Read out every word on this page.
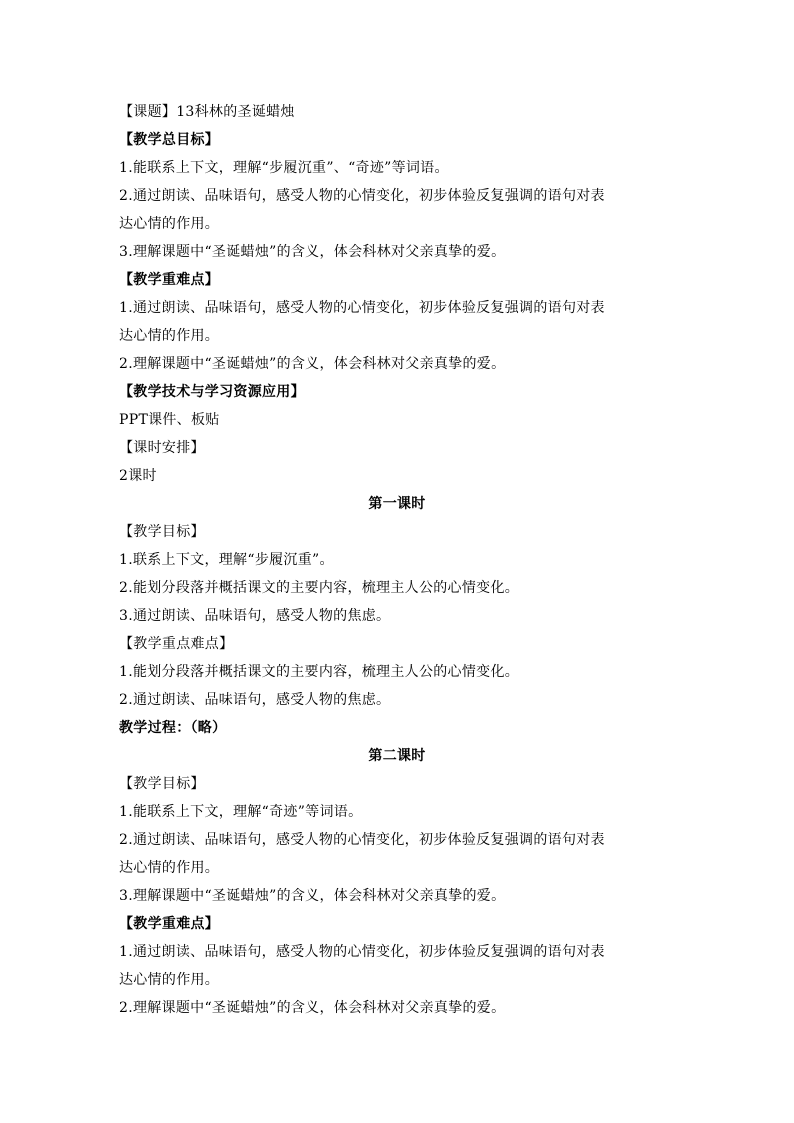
【课题】13科林的圣诞蜡烛
【教学总目标】
1.能联系上下文，理解“步履沉重”、“奇迹”等词语。
2.通过朗读、品味语句，感受人物的心情变化，初步体验反复强调的语句对表
达心情的作用。
3.理解课题中“圣诞蜡烛”的含义，体会科林对父亲真挚的爱。
【教学重难点】
1.通过朗读、品味语句，感受人物的心情变化，初步体验反复强调的语句对表
达心情的作用。
2.理解课题中“圣诞蜡烛”的含义，体会科林对父亲真挚的爱。
【教学技术与学习资源应用】
PPT课件、板贴
【课时安排】
2课时
第一课时
【教学目标】
1.联系上下文，理解“步履沉重”。
2.能划分段落并概括课文的主要内容，梳理主人公的心情变化。
3.通过朗读、品味语句，感受人物的焦虑。
【教学重点难点】
1.能划分段落并概括课文的主要内容，梳理主人公的心情变化。
2.通过朗读、品味语句，感受人物的焦虑。
教学过程：（略）
第二课时
【教学目标】
1.能联系上下文，理解“奇迹”等词语。
2.通过朗读、品味语句，感受人物的心情变化，初步体验反复强调的语句对表
达心情的作用。
3.理解课题中“圣诞蜡烛”的含义，体会科林对父亲真挚的爱。
【教学重难点】
1.通过朗读、品味语句，感受人物的心情变化，初步体验反复强调的语句对表
达心情的作用。
2.理解课题中“圣诞蜡烛”的含义，体会科林对父亲真挚的爱。
